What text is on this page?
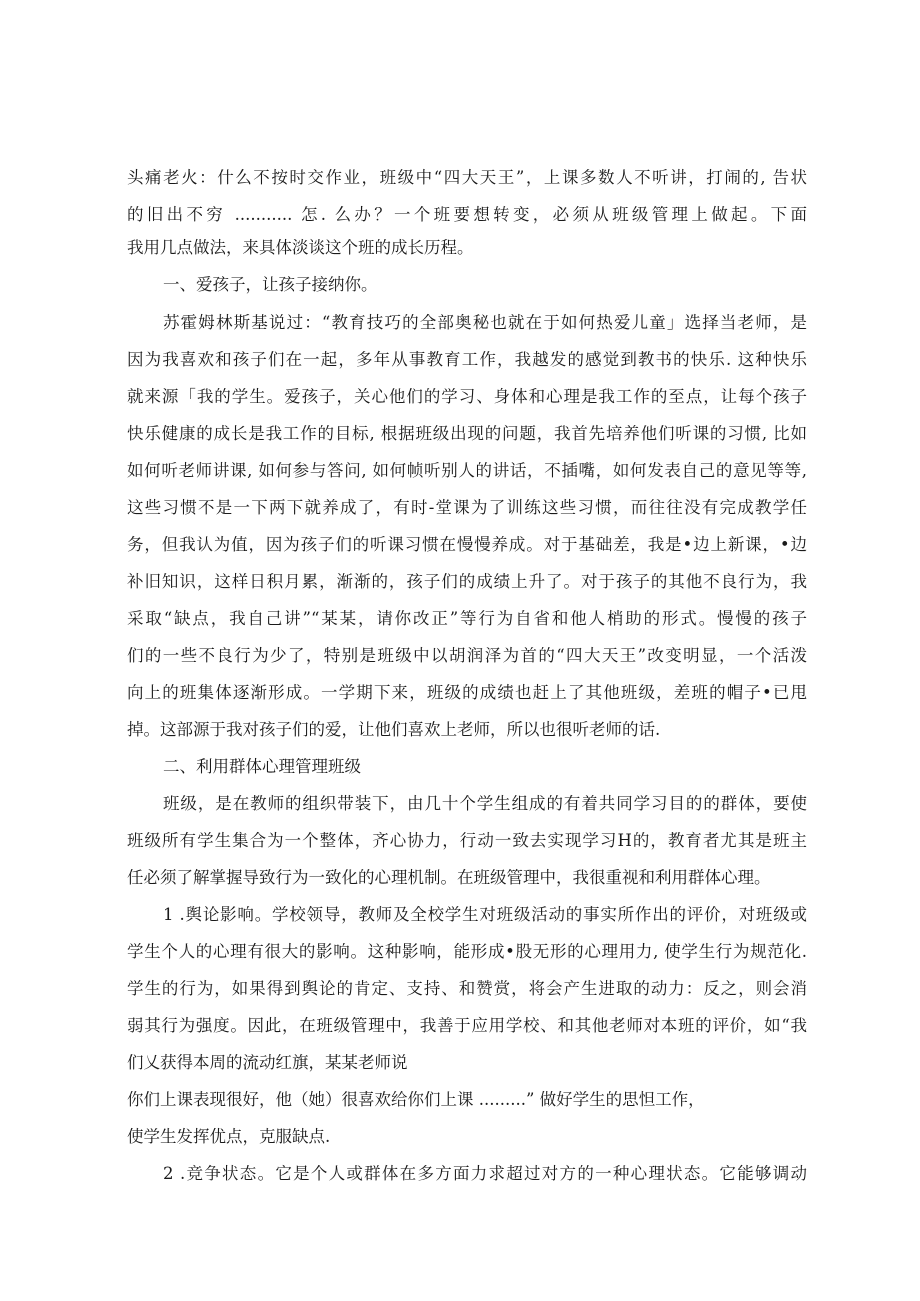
头痛老火：什么不按时交作业，班级中“四大天王”，上课多数人不听讲，打闹的, 告状
的旧出不穷 ........... 怎. 么办？一个班要想转变，必须从班级管理上做起。下面
我用几点做法，来具体淡谈这个班的成长历程。
一、爱孩子，让孩子接纳你。
苏霍姆林斯基说过：“教育技巧的全部奥秘也就在于如何热爱儿童」选择当老师，是
因为我喜欢和孩子们在一起，多年从事教育工作，我越发的感觉到教书的快乐. 这种快乐
就来源「我的学生。爱孩子，关心他们的学习、身体和心理是我工作的至点，让每个孩子
快乐健康的成长是我工作的目标, 根据班级出现的问题，我首先培养他们听课的习惯, 比如
如何听老师讲课, 如何参与答问, 如何帧听别人的讲话，不插嘴，如何发表自己的意见等等,
这些习惯不是一下两下就养成了，有时-堂课为了训练这些习惯，而往往没有完成教学任
务，但我认为值，因为孩子们的听课习惯在慢慢养成。对于基础差，我是•边上新课，•边
补旧知识，这样日积月累，渐渐的，孩子们的成绩上升了。对于孩子的其他不良行为，我
采取“缺点，我自己讲”“某某，请你改正”等行为自省和他人梢助的形式。慢慢的孩子
们的一些不良行为少了，特别是班级中以胡润泽为首的“四大天王”改变明显，一个活泼
向上的班集体逐渐形成。一学期下来，班级的成绩也赶上了其他班级，差班的帽子•已甩
掉。这部源于我对孩子们的爱，让他们喜欢上老师，所以也很听老师的话.
二、利用群体心理管理班级
班级，是在教师的组织带装下，由几十个学生组成的有着共同学习目的的群体，要使
班级所有学生集合为一个整体，齐心协力，行动一致去实现学习H的，教育者尤其是班主
任必须了解掌握导致行为一致化的心理机制。在班级管理中，我很重视和利用群体心理。
1 .舆论影响。学校领导，教师及全校学生对班级活动的事实所作出的评价，对班级或
学生个人的心理有很大的影响。这种影响，能形成•股无形的心理用力, 使学生行为规范化.
学生的行为，如果得到舆论的肯定、支持、和赞赏，将会产生进取的动力：反之，则会消
弱其行为强度。因此，在班级管理中，我善于应用学校、和其他老师对本班的评价，如“我
们乂获得本周的流动红旗，某某老师说
你们上课表现很好，他（她）很喜欢给你们上课 .........” 做好学生的思怛工作，
使学生发挥优点，克服缺点.
2 .竞争状态。它是个人或群体在多方面力求超过对方的一种心理状态。它能够调动
